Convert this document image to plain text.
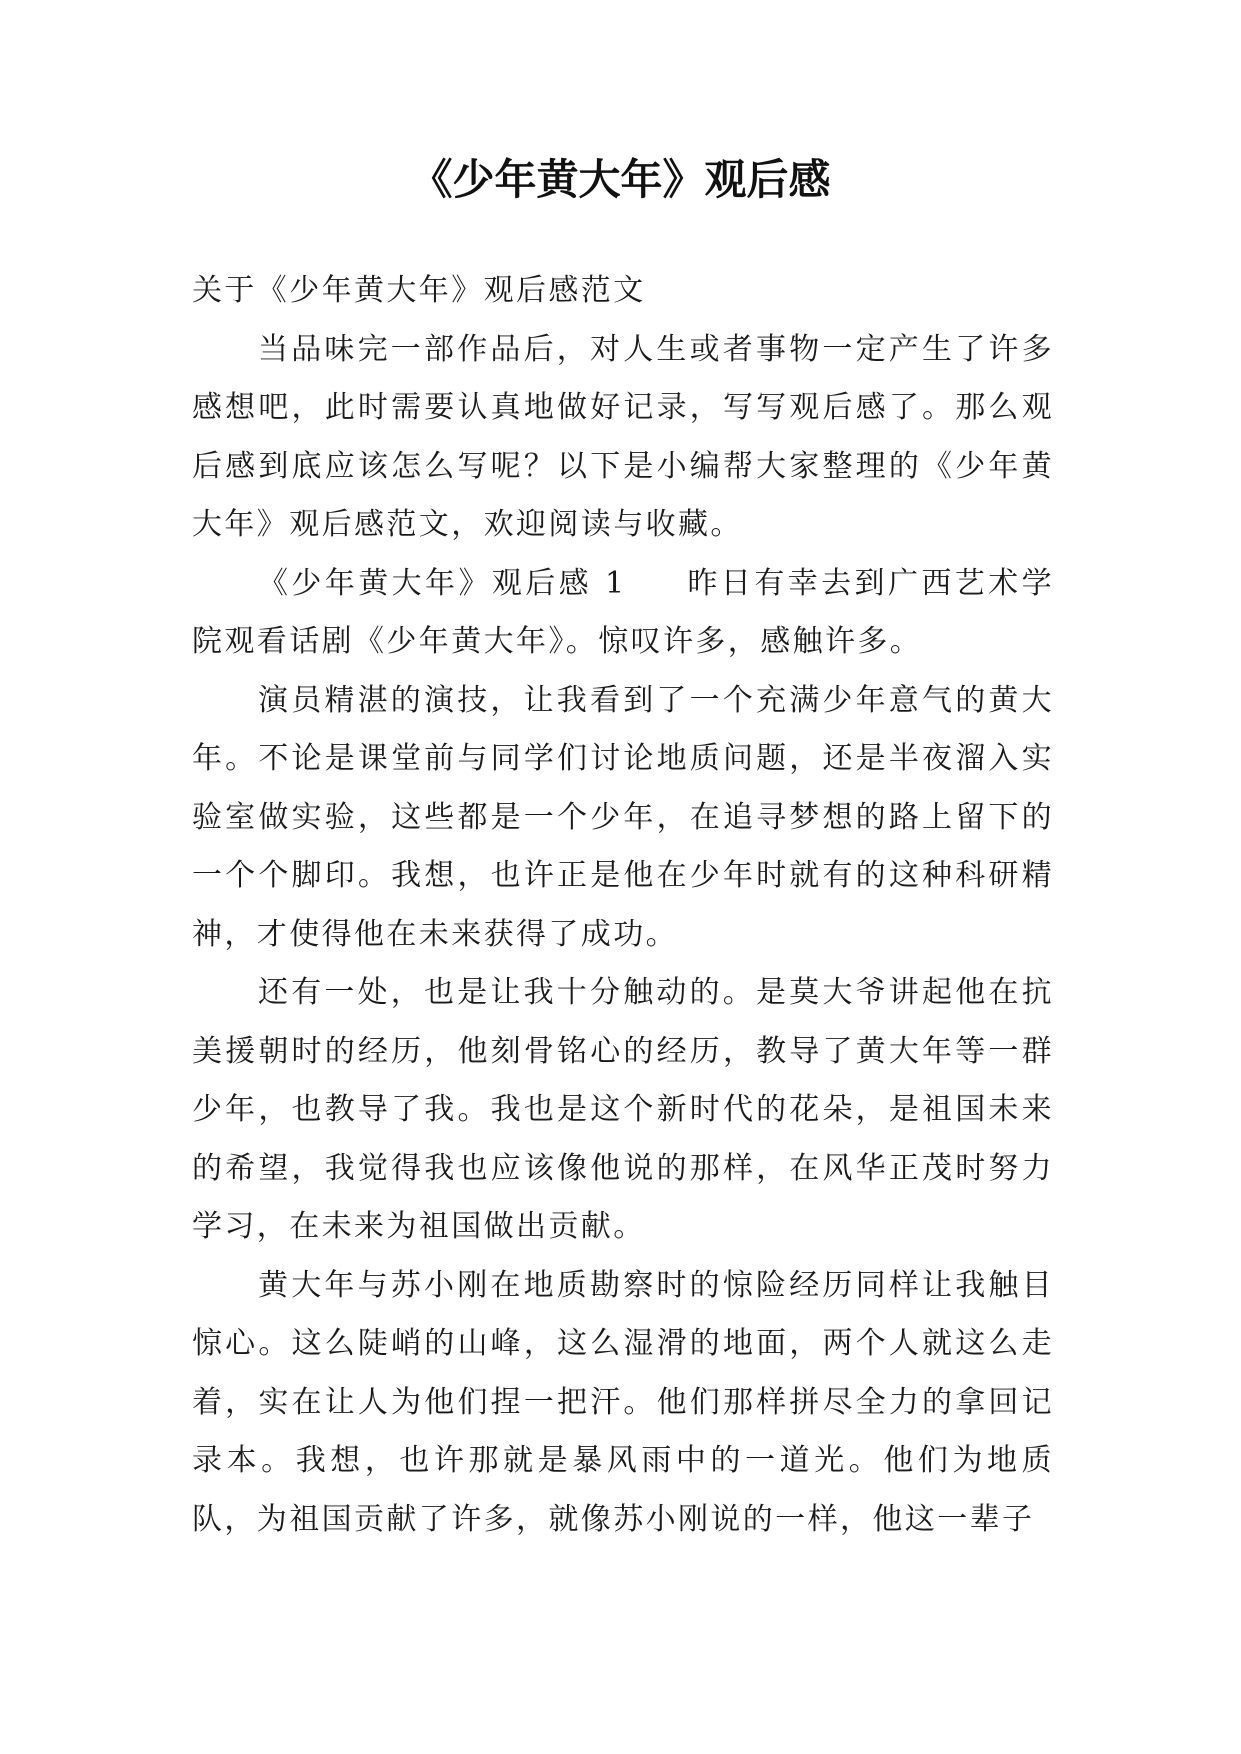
《少年黄大年》观后感

关于《少年黄大年》观后感范文

当品味完一部作品后，对人生或者事物一定产生了许多感想吧，此时需要认真地做好记录，写写观后感了。那么观后感到底应该怎么写呢？以下是小编帮大家整理的《少年黄大年》观后感范文，欢迎阅读与收藏。

《少年黄大年》观后感 1 昨日有幸去到广西艺术学院观看话剧《少年黄大年》。惊叹许多，感触许多。

演员精湛的演技，让我看到了一个充满少年意气的黄大年。不论是课堂前与同学们讨论地质问题，还是半夜溜入实验室做实验，这些都是一个少年，在追寻梦想的路上留下的一个个脚印。我想，也许正是他在少年时就有的这种科研精神，才使得他在未来获得了成功。

还有一处，也是让我十分触动的。是莫大爷讲起他在抗美援朝时的经历，他刻骨铭心的经历，教导了黄大年等一群少年，也教导了我。我也是这个新时代的花朵，是祖国未来的希望，我觉得我也应该像他说的那样，在风华正茂时努力学习，在未来为祖国做出贡献。

黄大年与苏小刚在地质勘察时的惊险经历同样让我触目惊心。这么陡峭的山峰，这么湿滑的地面，两个人就这么走着，实在让人为他们捏一把汗。他们那样拼尽全力的拿回记录本。我想，也许那就是暴风雨中的一道光。他们为地质队，为祖国贡献了许多，就像苏小刚说的一样，他这一辈子
